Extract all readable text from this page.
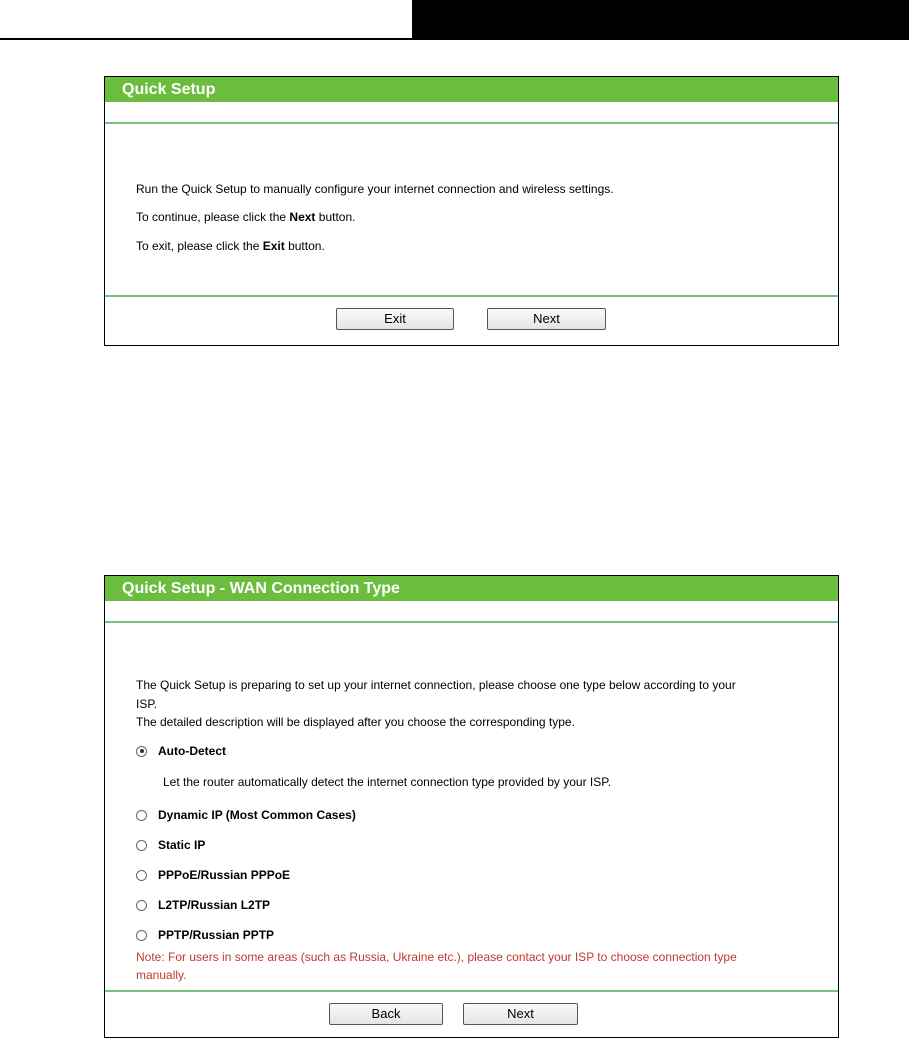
Quick Setup
Run the Quick Setup to manually configure your internet connection and wireless settings.
To continue, please click the Next button.
To exit, please click the Exit button.
Exit	Next
Quick Setup - WAN Connection Type
The Quick Setup is preparing to set up your internet connection, please choose one type below according to your
ISP.
The detailed description will be displayed after you choose the corresponding type.
Auto-Detect
Let the router automatically detect the internet connection type provided by your ISP.
Dynamic IP (Most Common Cases)
Static IP
PPPoE/Russian PPPoE
L2TP/Russian L2TP
PPTP/Russian PPTP
Note: For users in some areas (such as Russia, Ukraine etc.), please contact your ISP to choose connection type
manually.
Back	Next
